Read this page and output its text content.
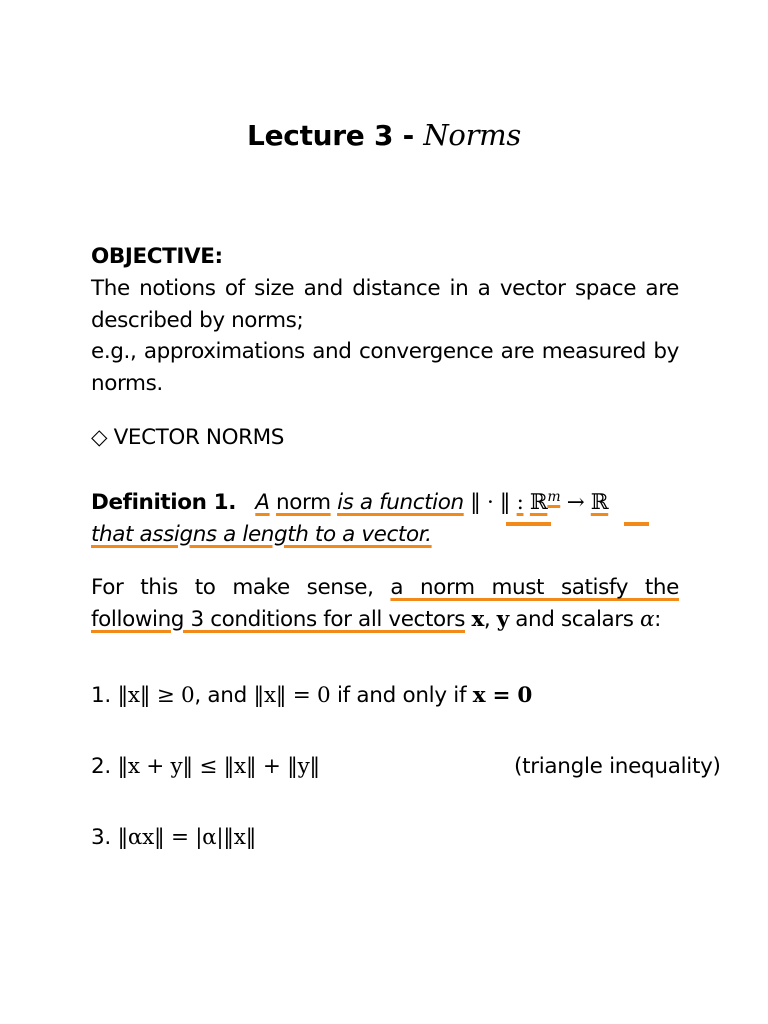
Lecture 3 - Norms
OBJECTIVE:
The notions of size and distance in a vector space are described by norms;
e.g., approximations and convergence are measured by norms.
◇ VECTOR NORMS
Definition 1. A norm is a function ‖ · ‖ : ℝ$^m$ → ℝ
that assigns a length to a vector.
For this to make sense, a norm must satisfy the following 3 conditions for all vectors x, y and scalars α:
1. ‖x‖ ≥ 0, and ‖x‖ = 0 if and only if x = 0
2. ‖x + y‖ ≤ ‖x‖ + ‖y‖	(triangle inequality)
3. ‖αx‖ = |α|‖x‖
